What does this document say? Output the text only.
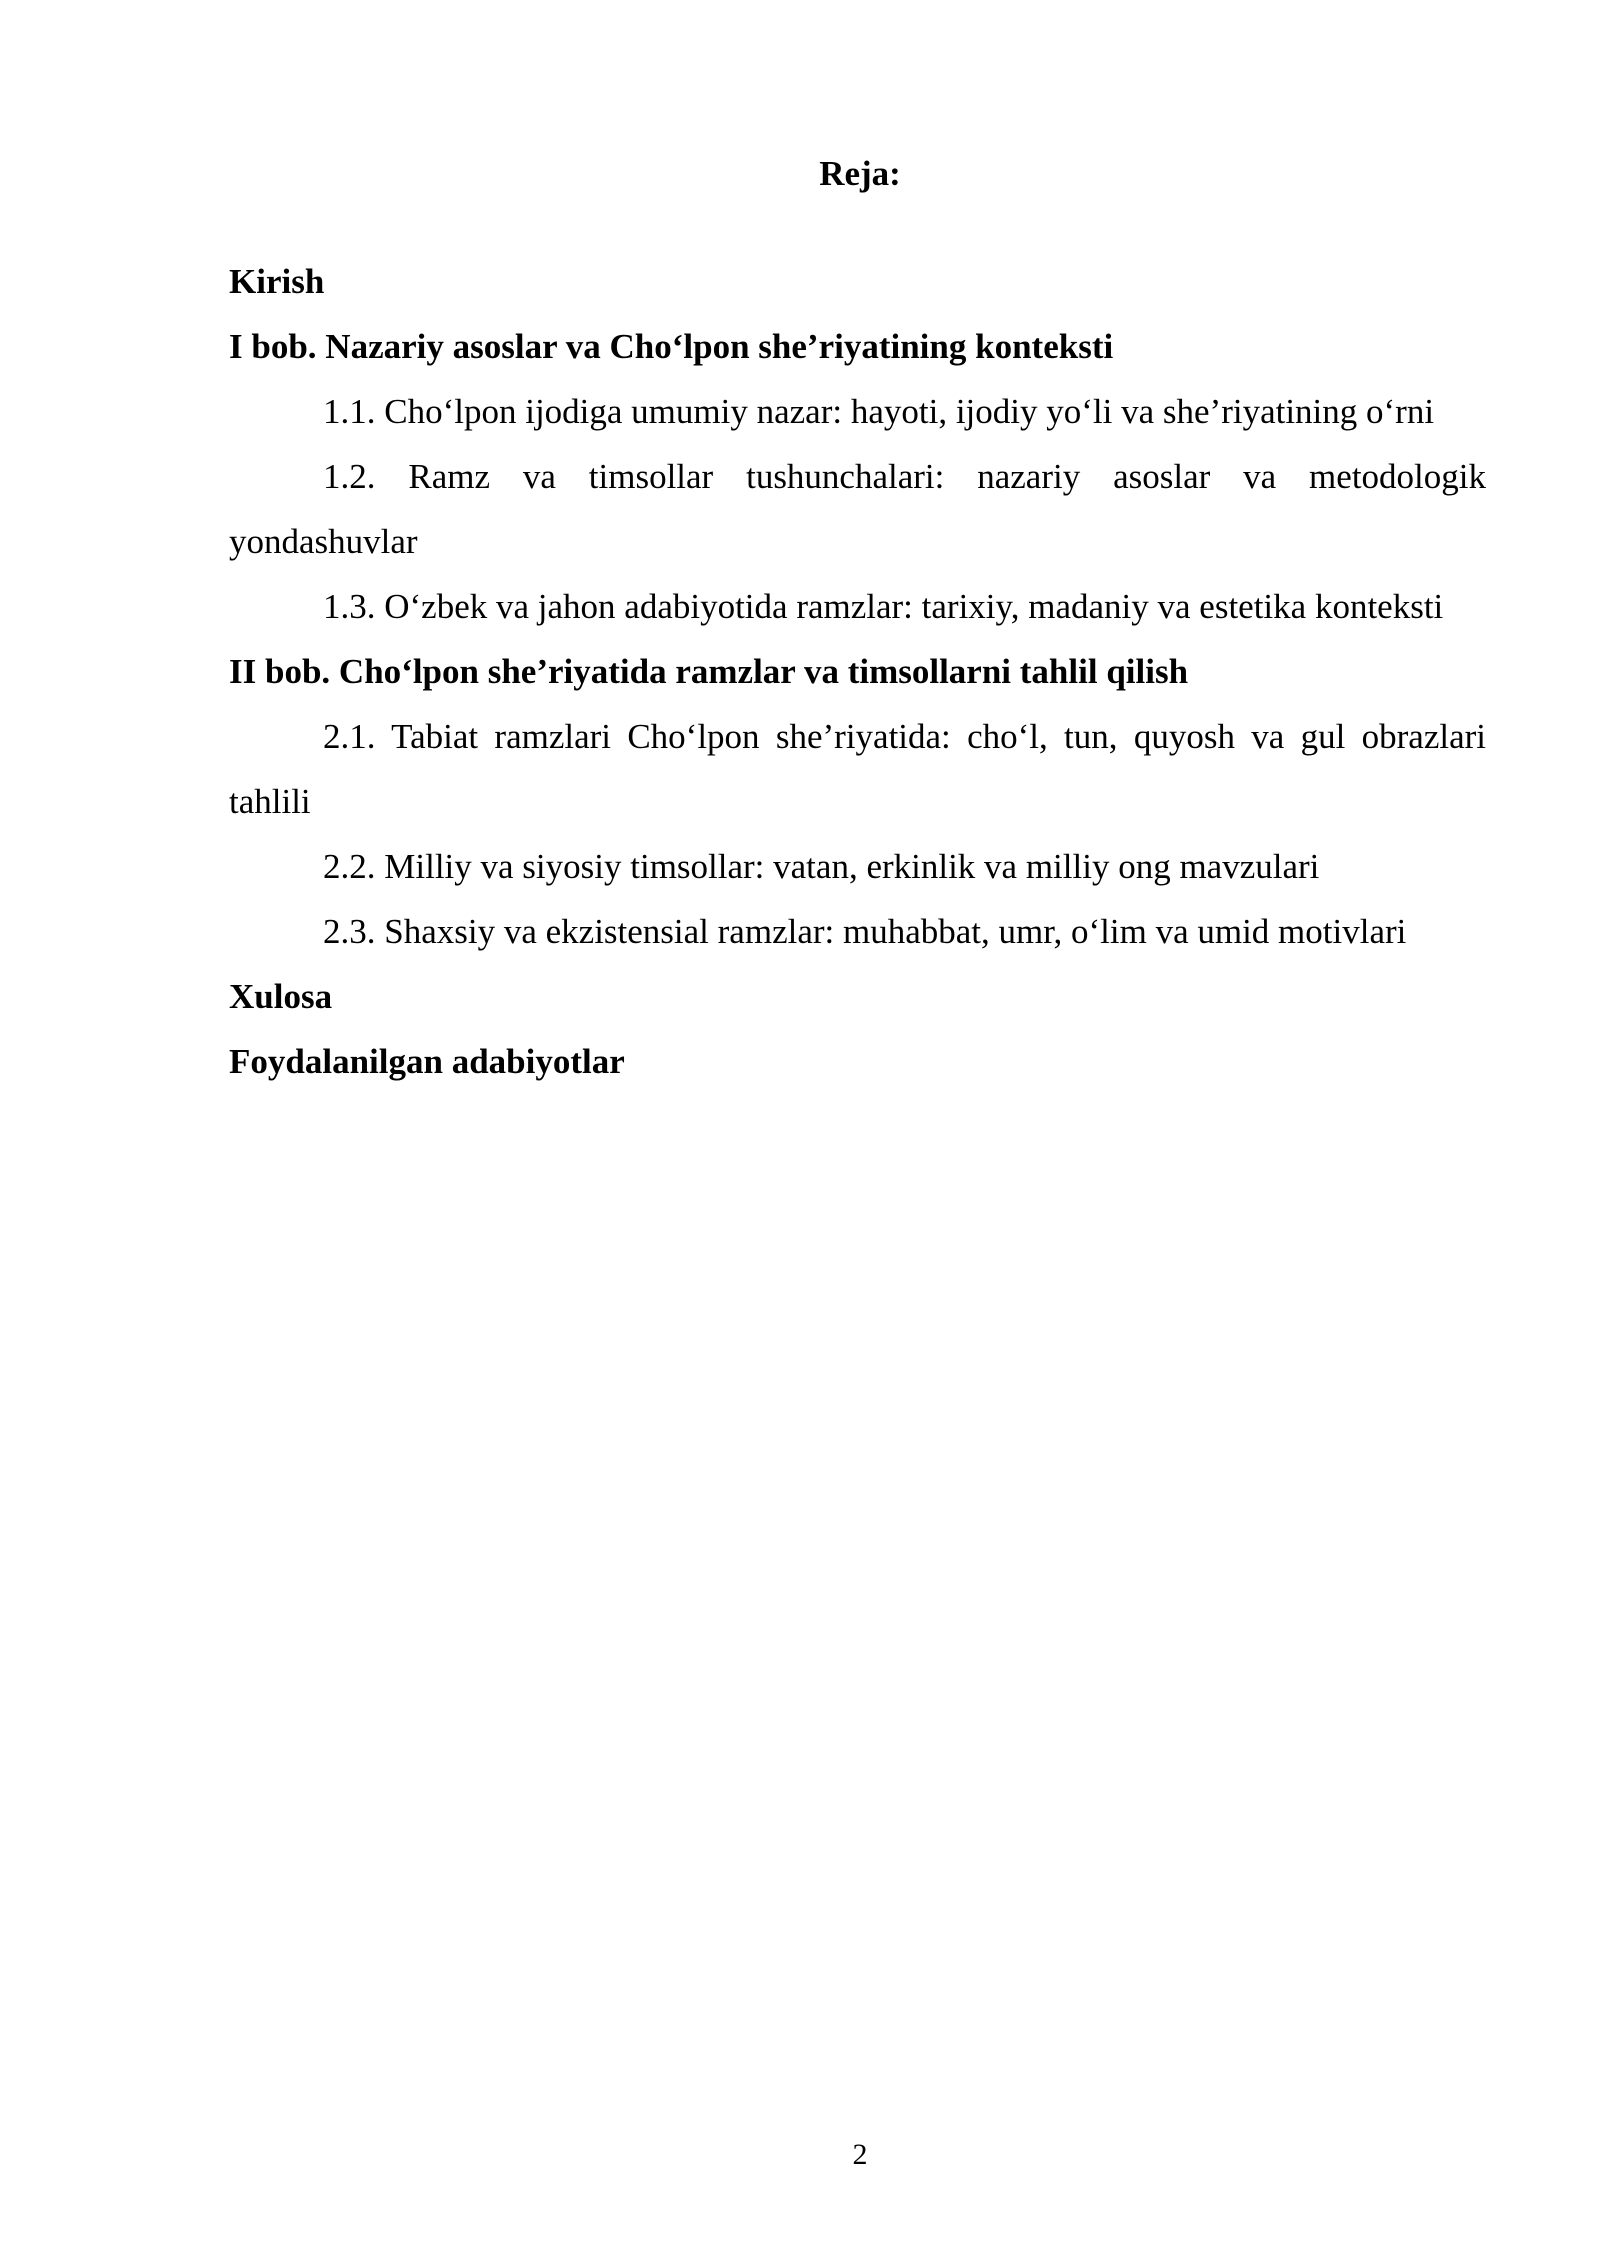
Reja:
Kirish
I bob. Nazariy asoslar va Cho‘lpon she’riyatining konteksti
1.1. Cho‘lpon ijodiga umumiy nazar: hayoti, ijodiy yo‘li va she’riyatining o‘rni
1.2. Ramz va timsollar tushunchalari: nazariy asoslar va metodologik yondashuvlar
1.3. O‘zbek va jahon adabiyotida ramzlar: tarixiy, madaniy va estetika konteksti
II bob. Cho‘lpon she’riyatida ramzlar va timsollarni tahlil qilish
2.1. Tabiat ramzlari Cho‘lpon she’riyatida: cho‘l, tun, quyosh va gul obrazlari tahlili
2.2. Milliy va siyosiy timsollar: vatan, erkinlik va milliy ong mavzulari
2.3. Shaxsiy va ekzistensial ramzlar: muhabbat, umr, o‘lim va umid motivlari
Xulosa
Foydalanilgan adabiyotlar
2
